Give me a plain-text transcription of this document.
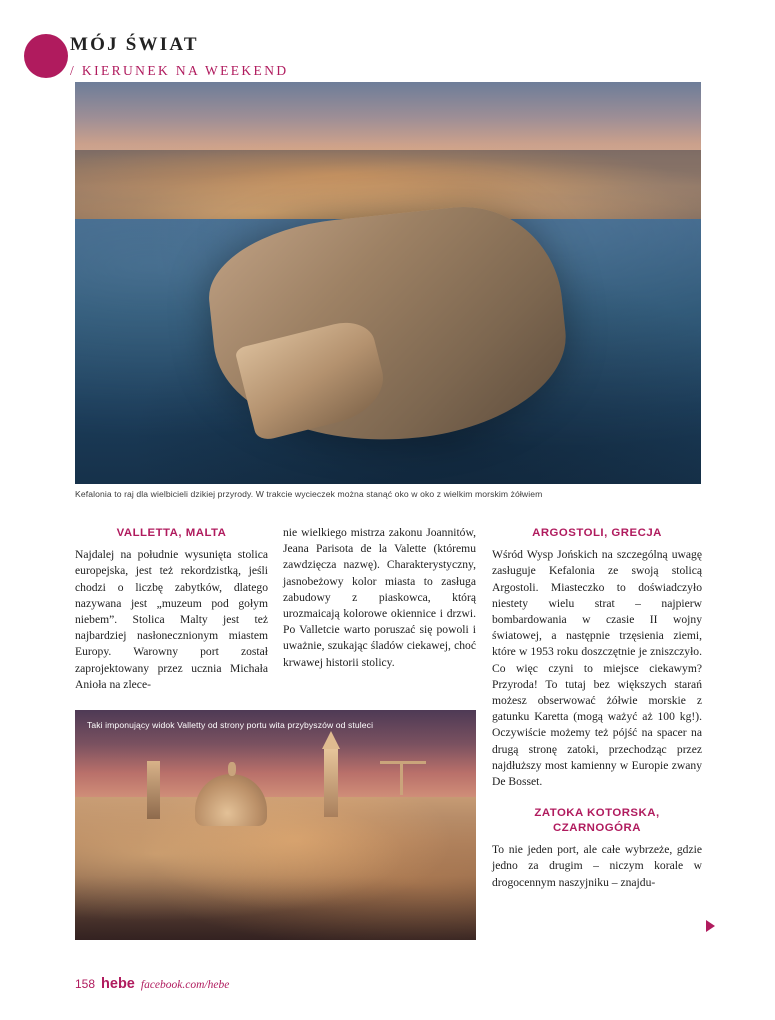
MÓJ ŚWIAT
/ KIERUNEK NA WEEKEND
Kefalonia to raj dla wielbicieli dzikiej przyrody. W trakcie wycieczek można stanąć oko w oko z wielkim morskim żółwiem
VALLETTA, MALTA

Najdalej na południe wysunięta stolica europejska, jest też rekordzistką, jeśli chodzi o liczbę zabytków, dlatego nazywana jest „muzeum pod gołym niebem”. Stolica Malty jest też najbardziej nasłonecznionym miastem Europy. Warowny port został zaprojektowany przez ucznia Michała Anioła na zlece-

nie wielkiego mistrza zakonu Joannitów, Jeana Parisota de la Valette (któremu zawdzięcza nazwę). Charakterystyczny, jasnobeżowy kolor miasta to zasługa zabudowy z piaskowca, którą urozmaicają kolorowe okiennice i drzwi. Po Valletcie warto poruszać się powoli i uważnie, szukając śladów ciekawej, choć krwawej historii stolicy.

ARGOSTOLI, GRECJA

Wśród Wysp Jońskich na szczególną uwagę zasługuje Kefalonia ze swoją stolicą Argostoli. Miasteczko to doświadczyło niestety wielu strat – najpierw bombardowania w czasie II wojny światowej, a następnie trzęsienia ziemi, które w 1953 roku doszczętnie je zniszczyło. Co więc czyni to miejsce ciekawym? Przyroda! To tutaj bez większych starań możesz obserwować żółwie morskie z gatunku Karetta (mogą ważyć aż 100 kg!). Oczywiście możemy też pójść na spacer na drugą stronę zatoki, przechodząc przez najdłuższy most kamienny w Europie zwany De Bosset.

ZATOKA KOTORSKA, CZARNOGÓRA

To nie jeden port, ale całe wybrzeże, gdzie jedno za drugim – niczym korale w drogocennym naszyjniku – znajdu-

Taki imponujący widok Valletty od strony portu wita przybyszów od stuleci
158 hebe facebook.com/hebe
